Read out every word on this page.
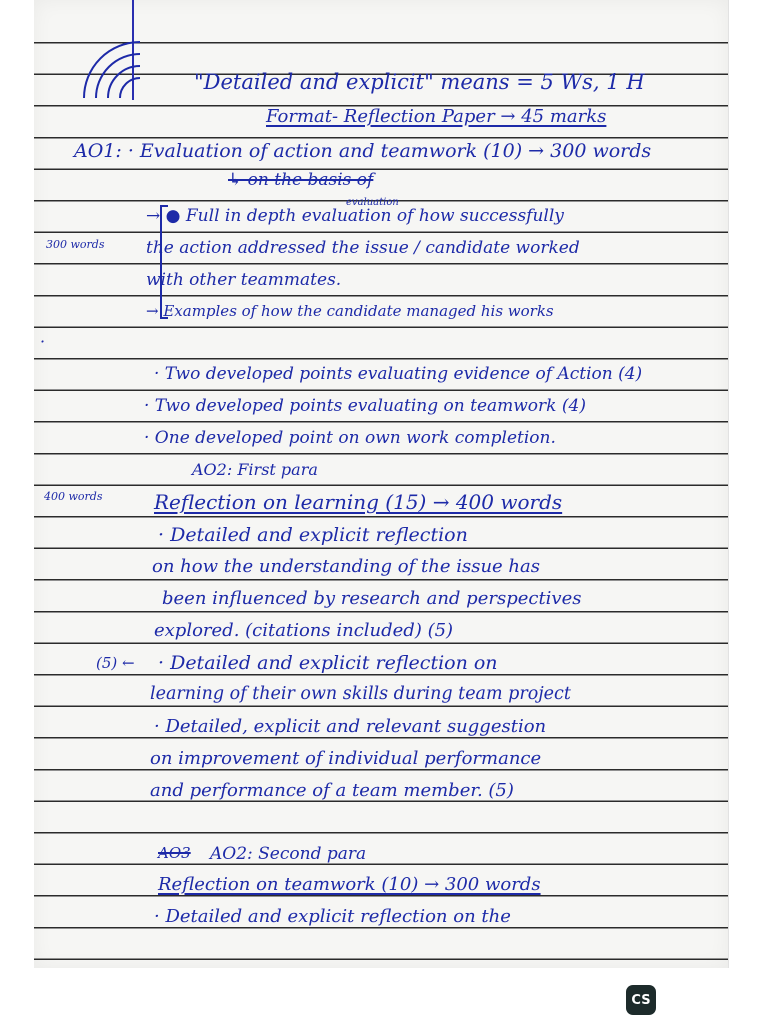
"Detailed and explicit" means = 5 Ws, 1 H
Format- Reflection Paper → 45 marks
AO1: · Evaluation of action and teamwork (10) → 300 words
↳ on the basis of
evaluation
300 words
→ ● Full in depth evaluation of how successfully
the action addressed the issue / candidate worked
with other teammates.
→ Examples of how the candidate managed his works
·
· Two developed points evaluating evidence of Action (4)
· Two developed points evaluating on teamwork (4)
· One developed point on own work completion.
AO2: First para
400 words	Reflection on learning (15) → 400 words
· Detailed and explicit reflection
on how the understanding of the issue has
been influenced by research and perspectives
explored. (citations included) (5)
(5) ← · Detailed and explicit reflection on
learning of their own skills during team project
· Detailed, explicit and relevant suggestion
on improvement of individual performance
and performance of a team member. (5)
AO3 AO2: Second para
Reflection on teamwork (10) → 300 words
· Detailed and explicit reflection on the
CS
